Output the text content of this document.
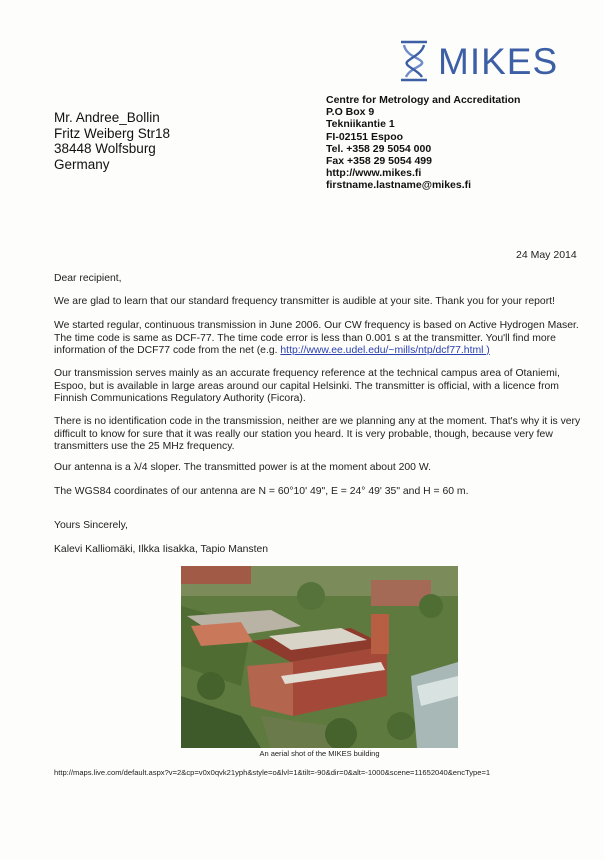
MIKES
Mr. Andree_Bollin
Fritz Weiberg Str18
38448 Wolfsburg
Germany
Centre for Metrology and Accreditation
P.O Box 9
Tekniikantie 1
FI-02151 Espoo
Tel. +358 29 5054 000
Fax +358 29 5054 499
http://www.mikes.fi
firstname.lastname@mikes.fi
24 May 2014
Dear recipient,
We are glad to learn that our standard frequency transmitter is audible at your site. Thank you for your report!
We started regular, continuous transmission in June 2006. Our CW frequency is based on Active Hydrogen Maser. The time code is same as DCF-77. The time code error is less than 0.001 s at the transmitter. You'll find more information of the DCF77 code from the net (e.g. http://www.ee.udel.edu/~mills/ntp/dcf77.html )
Our transmission serves mainly as an accurate frequency reference at the technical campus area of Otaniemi, Espoo, but is available in large areas around our capital Helsinki. The transmitter is official, with a licence from Finnish Communications Regulatory Authority (Ficora).
There is no identification code in the transmission, neither are we planning any at the moment. That's why it is very difficult to know for sure that it was really our station you heard. It is very probable, though, because very few transmitters use the 25 MHz frequency.
Our antenna is a λ/4 sloper. The transmitted power is at the moment about 200 W.
The WGS84 coordinates of our antenna are N = 60°10' 49", E = 24° 49' 35" and H = 60 m.
Yours Sincerely,
Kalevi Kalliomäki, Ilkka Iisakka, Tapio Mansten
An aerial shot of the MIKES building
http://maps.live.com/default.aspx?v=2&cp=v0x0qvk21yph&style=o&lvl=1&tilt=-90&dir=0&alt=-1000&scene=11652040&encType=1
